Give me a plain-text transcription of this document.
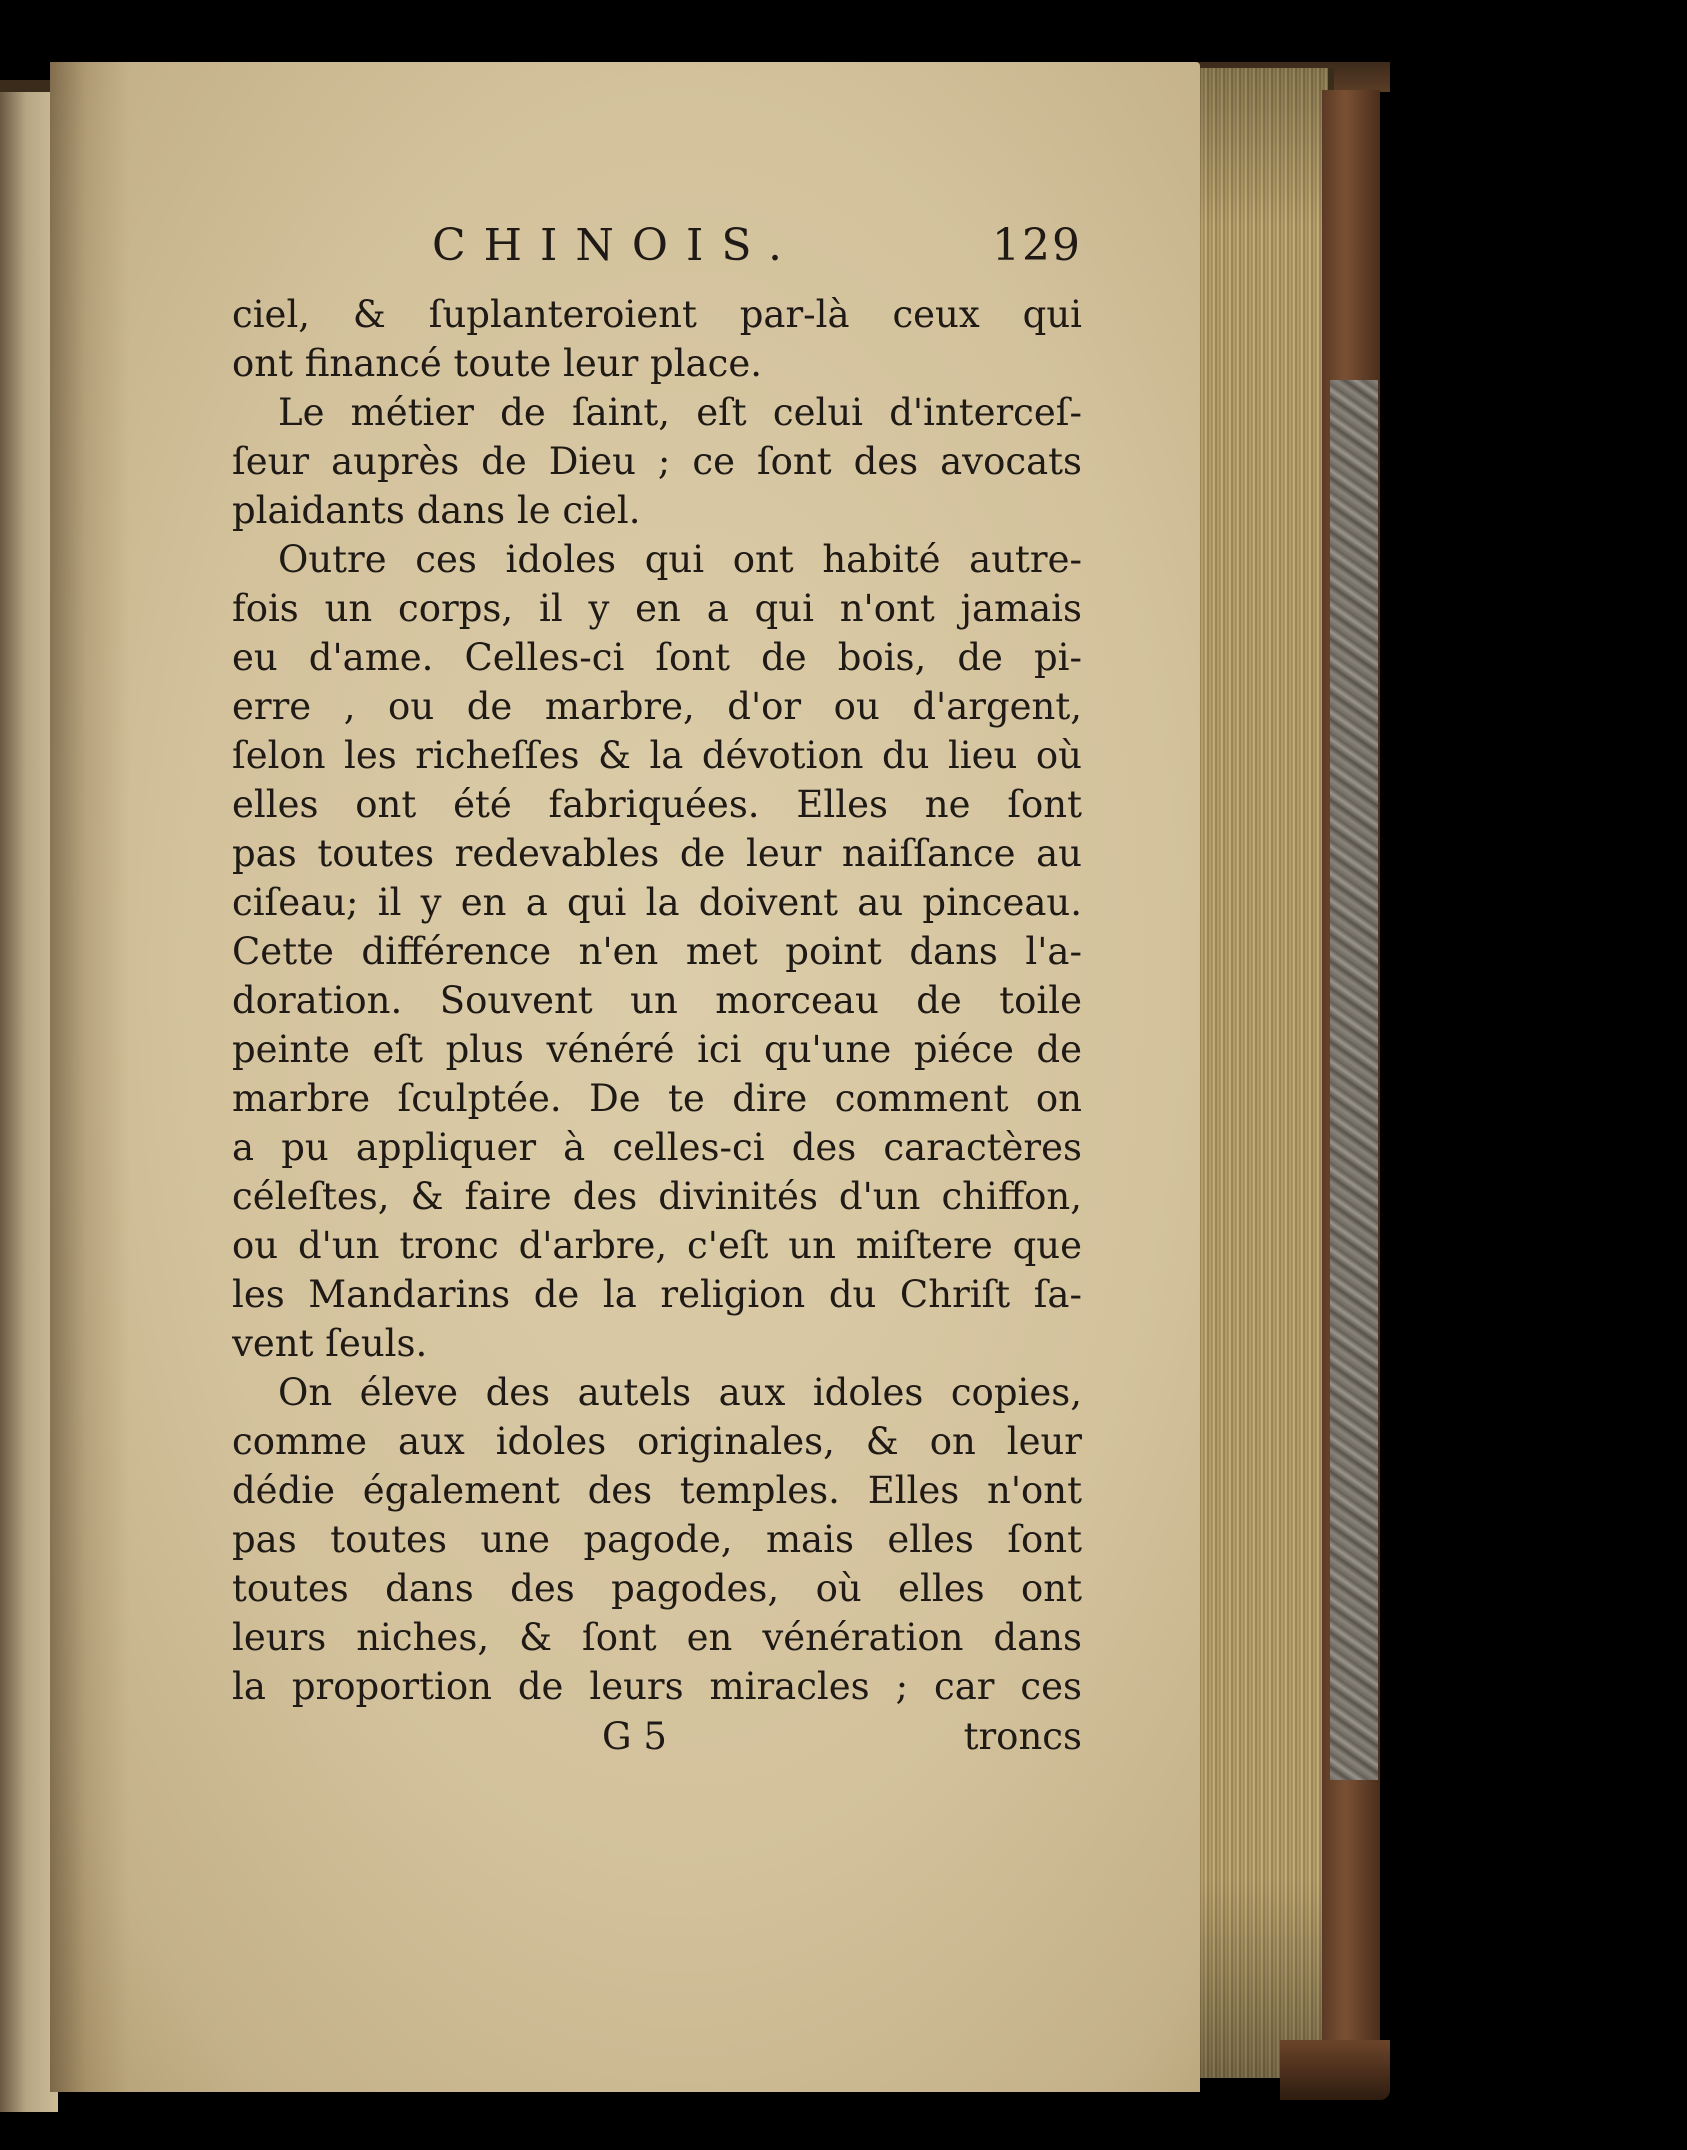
CHINOIS.	129
ciel, & ſuplanteroient par-là ceux qui
ont financé toute leur place.
Le métier de ſaint, eſt celui d'interceſ-
ſeur auprès de Dieu ; ce ſont des avocats
plaidants dans le ciel.
Outre ces idoles qui ont habité autre-
fois un corps, il y en a qui n'ont jamais
eu d'ame. Celles-ci ſont de bois, de pi-
erre , ou de marbre, d'or ou d'argent,
ſelon les richeſſes & la dévotion du lieu où
elles ont été fabriquées. Elles ne ſont
pas toutes redevables de leur naiſſance au
ciſeau; il y en a qui la doivent au pinceau.
Cette différence n'en met point dans l'a-
doration. Souvent un morceau de toile
peinte eſt plus vénéré ici qu'une piéce de
marbre ſculptée. De te dire comment on
a pu appliquer à celles-ci des caractères
céleſtes, & faire des divinités d'un chiffon,
ou d'un tronc d'arbre, c'eſt un miſtere que
les Mandarins de la religion du Chriſt ſa-
vent ſeuls.
On éleve des autels aux idoles copies,
comme aux idoles originales, & on leur
dédie également des temples. Elles n'ont
pas toutes une pagode, mais elles ſont
toutes dans des pagodes, où elles ont
leurs niches, & ſont en vénération dans
la proportion de leurs miracles ; car ces
G 5	troncs
